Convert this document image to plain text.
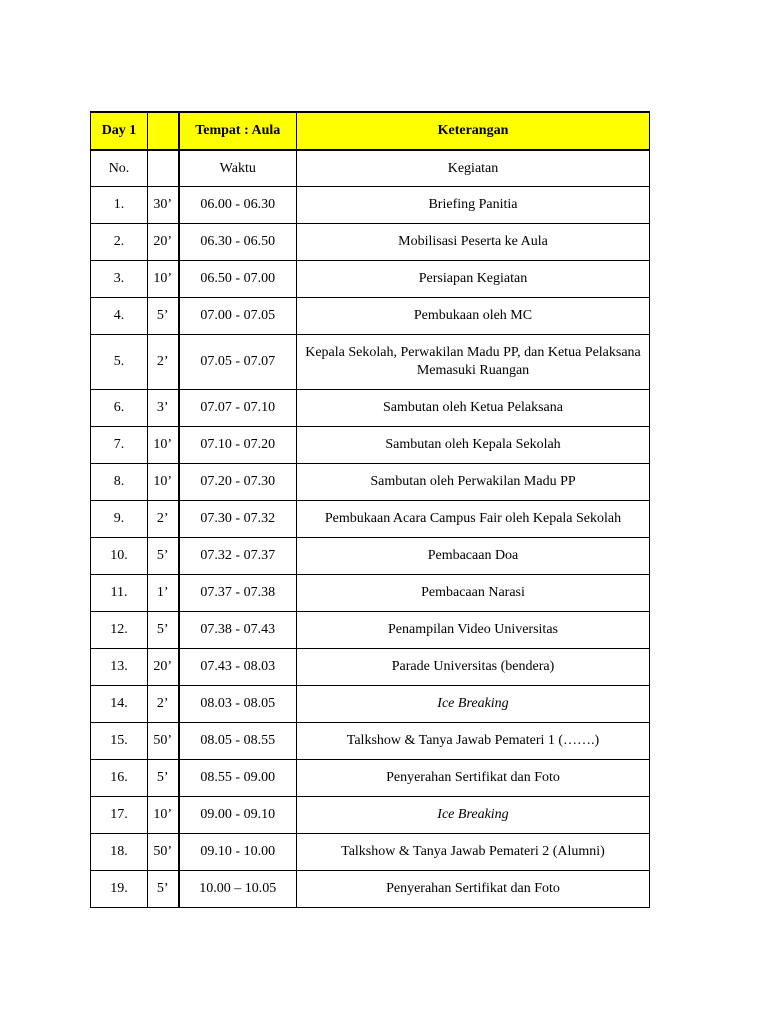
Day 1		Tempat : Aula	Keterangan
No.		Waktu	Kegiatan
1.	30’	06.00 - 06.30	Briefing Panitia
2.	20’	06.30 - 06.50	Mobilisasi Peserta ke Aula
3.	10’	06.50 - 07.00	Persiapan Kegiatan
4.	5’	07.00 - 07.05	Pembukaan oleh MC
5.	2’	07.05 - 07.07	Kepala Sekolah, Perwakilan Madu PP, dan Ketua Pelaksana Memasuki Ruangan
6.	3’	07.07 - 07.10	Sambutan oleh Ketua Pelaksana
7.	10’	07.10 - 07.20	Sambutan oleh Kepala Sekolah
8.	10’	07.20 - 07.30	Sambutan oleh Perwakilan Madu PP
9.	2’	07.30 - 07.32	Pembukaan Acara Campus Fair oleh Kepala Sekolah
10.	5’	07.32 - 07.37	Pembacaan Doa
11.	1’	07.37 - 07.38	Pembacaan Narasi
12.	5’	07.38 - 07.43	Penampilan Video Universitas
13.	20’	07.43 - 08.03	Parade Universitas (bendera)
14.	2’	08.03 - 08.05	Ice Breaking
15.	50’	08.05 - 08.55	Talkshow & Tanya Jawab Pemateri 1 (…….)
16.	5’	08.55 - 09.00	Penyerahan Sertifikat dan Foto
17.	10’	09.00 - 09.10	Ice Breaking
18.	50’	09.10 - 10.00	Talkshow & Tanya Jawab Pemateri 2 (Alumni)
19.	5’	10.00 – 10.05	Penyerahan Sertifikat dan Foto
